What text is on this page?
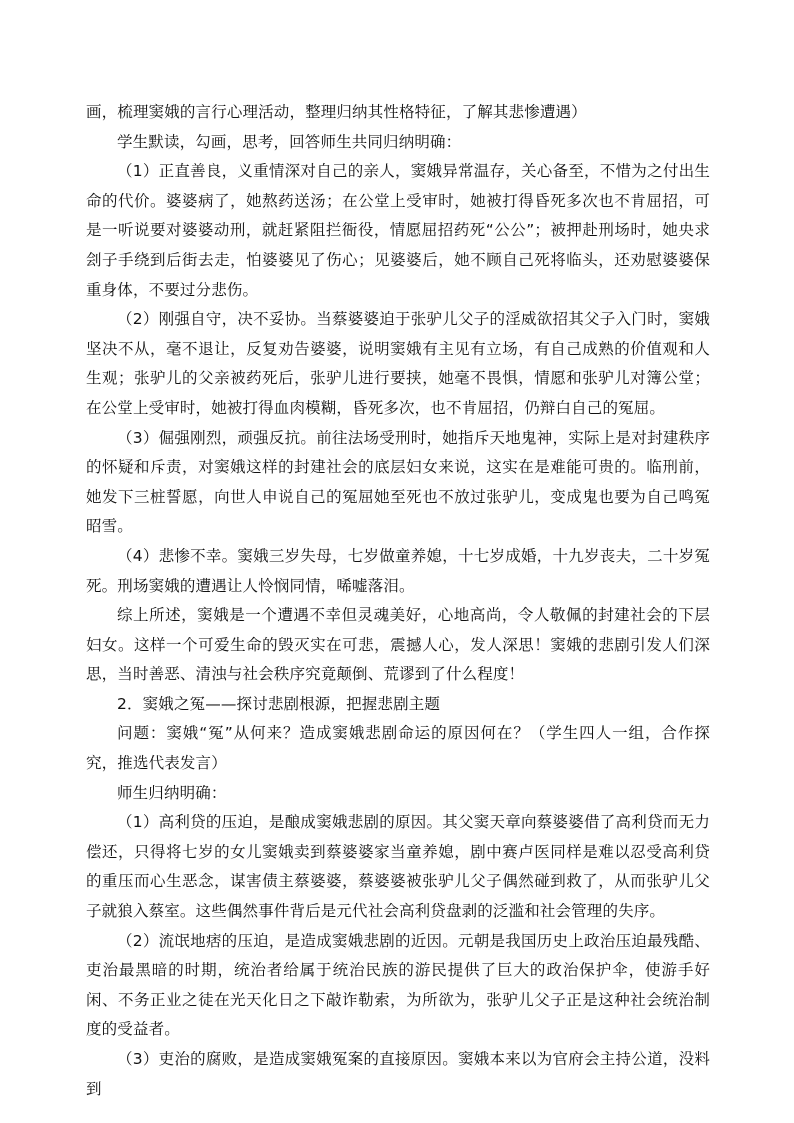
画，梳理窦娥的言行心理活动，整理归纳其性格特征，了解其悲惨遭遇）

学生默读，勾画，思考，回答师生共同归纳明确：

（1）正直善良，义重情深对自己的亲人，窦娥异常温存，关心备至，不惜为之付出生命的代价。婆婆病了，她熬药送汤；在公堂上受审时，她被打得昏死多次也不肯屈招，可是一听说要对婆婆动刑，就赶紧阻拦衙役，情愿屈招药死“公公”；被押赴刑场时，她央求刽子手绕到后街去走，怕婆婆见了伤心；见婆婆后，她不顾自己死将临头，还劝慰婆婆保重身体，不要过分悲伤。

（2）刚强自守，决不妥协。当蔡婆婆迫于张驴儿父子的淫威欲招其父子入门时，窦娥坚决不从，毫不退让，反复劝告婆婆，说明窦娥有主见有立场，有自己成熟的价值观和人生观；张驴儿的父亲被药死后，张驴儿进行要挟，她毫不畏惧，情愿和张驴儿对簿公堂；在公堂上受审时，她被打得血肉模糊，昏死多次，也不肯屈招，仍辩白自己的冤屈。

（3）倔强刚烈，顽强反抗。前往法场受刑时，她指斥天地鬼神，实际上是对封建秩序的怀疑和斥责，对窦娥这样的封建社会的底层妇女来说，这实在是难能可贵的。临刑前，她发下三桩誓愿，向世人申说自己的冤屈她至死也不放过张驴儿，变成鬼也要为自己鸣冤昭雪。

（4）悲惨不幸。窦娥三岁失母，七岁做童养媳，十七岁成婚，十九岁丧夫，二十岁冤死。刑场窦娥的遭遇让人怜悯同情，唏嘘落泪。

综上所述，窦娥是一个遭遇不幸但灵魂美好，心地高尚，令人敬佩的封建社会的下层妇女。这样一个可爱生命的毁灭实在可悲，震撼人心，发人深思！窦娥的悲剧引发人们深思，当时善恶、清浊与社会秩序究竟颠倒、荒谬到了什么程度！

2．窦娥之冤——探讨悲剧根源，把握悲剧主题

问题：窦娥“冤”从何来？造成窦娥悲剧命运的原因何在？（学生四人一组，合作探究，推选代表发言）

师生归纳明确：

（1）高利贷的压迫，是酿成窦娥悲剧的原因。其父窦天章向蔡婆婆借了高利贷而无力偿还，只得将七岁的女儿窦娥卖到蔡婆婆家当童养媳，剧中赛卢医同样是难以忍受高利贷的重压而心生恶念，谋害债主蔡婆婆，蔡婆婆被张驴儿父子偶然碰到救了，从而张驴儿父子就狼入蔡室。这些偶然事件背后是元代社会高利贷盘剥的泛滥和社会管理的失序。

（2）流氓地痞的压迫，是造成窦娥悲剧的近因。元朝是我国历史上政治压迫最残酷、吏治最黑暗的时期，统治者给属于统治民族的游民提供了巨大的政治保护伞，使游手好闲、不务正业之徒在光天化日之下敲诈勒索，为所欲为，张驴儿父子正是这种社会统治制度的受益者。

（3）吏治的腐败，是造成窦娥冤案的直接原因。窦娥本来以为官府会主持公道，没料到
